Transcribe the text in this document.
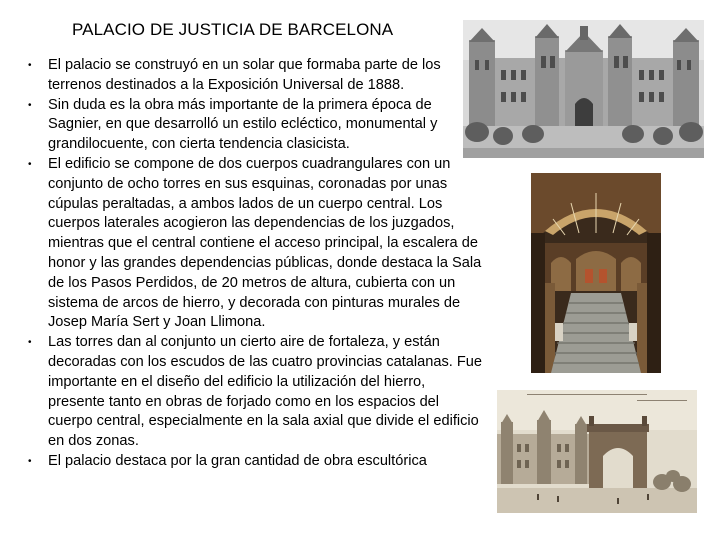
PALACIO DE JUSTICIA DE BARCELONA
• El palacio se construyó en un solar que formaba parte de los terrenos destinados a la Exposición Universal de 1888.
• Sin duda es la obra más importante de la primera época de Sagnier, en que desarrolló un estilo ecléctico, monumental y grandilocuente, con cierta tendencia clasicista.
• El edificio se compone de dos cuerpos cuadrangulares con un conjunto de ocho torres en sus esquinas, coronadas por unas cúpulas peraltadas, a ambos lados de un cuerpo central. Los cuerpos laterales acogieron las dependencias de los juzgados, mientras que el central contiene el acceso principal, la escalera de honor y las grandes dependencias públicas, donde destaca la Sala de los Pasos Perdidos, de 20 metros de altura, cubierta con un sistema de arcos de hierro, y decorada con pinturas murales de Josep María Sert y Joan Llimona.
• Las torres dan al conjunto un cierto aire de fortaleza, y están decoradas con los escudos de las cuatro provincias catalanas. Fue importante en el diseño del edificio la utilización del hierro, presente tanto en obras de forjado como en los espacios del cuerpo central, especialmente en la sala axial que divide el edificio en dos zonas.
• El palacio destaca por la gran cantidad de obra escultórica
